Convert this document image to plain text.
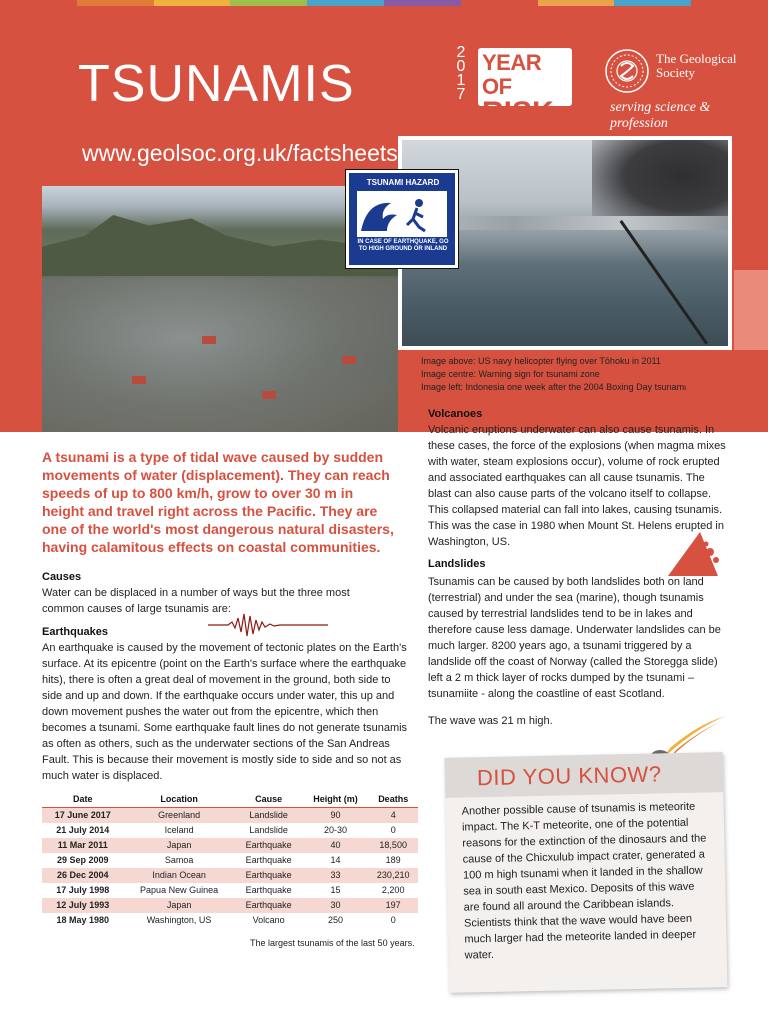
TSUNAMIS
www.geolsoc.org.uk/factsheets
2
0
1
7
YEAR OF
RISK
The Geological Society
serving science & profession
TSUNAMI HAZARD ZONE
IN CASE OF EARTHQUAKE, GO TO HIGH GROUND OR INLAND
Image above: US navy helicopter flying over Tōhoku in 2011
Image centre: Warning sign for tsunami zone
Image left: Indonesia one week after the 2004 Boxing Day tsunami
A tsunami is a type of tidal wave caused by sudden movements of water (displacement). They can reach speeds of up to 800 km/h, grow to over 30 m in height and travel right across the Pacific. They are one of the world's most dangerous natural disasters, having calamitous effects on coastal communities.
Causes
Water can be displaced in a number of ways but the three most common causes of large tsunamis are:
Earthquakes
An earthquake is caused by the movement of tectonic plates on the Earth's surface. At its epicentre (point on the Earth's surface where the earthquake hits), there is often a great deal of movement in the ground, both side to side and up and down. If the earthquake occurs under water, this up and down movement pushes the water out from the epicentre, which then becomes a tsunami. Some earthquake fault lines do not generate tsunamis as often as others, such as the underwater sections of the San Andreas Fault. This is because their movement is mostly side to side and so not as much water is displaced.
Date	Location	Cause	Height (m)	Deaths
17 June 2017	Greenland	Landslide	90	4
21 July 2014	Iceland	Landslide	20-30	0
11 Mar 2011	Japan	Earthquake	40	18,500
29 Sep 2009	Samoa	Earthquake	14	189
26 Dec 2004	Indian Ocean	Earthquake	33	230,210
17 July 1998	Papua New Guinea	Earthquake	15	2,200
12 July 1993	Japan	Earthquake	30	197
18 May 1980	Washington, US	Volcano	250	0
The largest tsunamis of the last 50 years.
Volcanoes
Volcanic eruptions underwater can also cause tsunamis. In these cases, the force of the explosions (when magma mixes with water, steam explosions occur), volume of rock erupted and associated earthquakes can all cause tsunamis. The blast can also cause parts of the volcano itself to collapse. This collapsed material can fall into lakes, causing tsunamis. This was the case in 1980 when Mount St. Helens erupted in Washington, US.
Landslides
Tsunamis can be caused by both landslides both on land (terrestrial) and under the sea (marine), though tsunamis caused by terrestrial landslides tend to be in lakes and therefore cause less damage. Underwater landslides can be much larger. 8200 years ago, a tsunami triggered by a landslide off the coast of Norway (called the Storegga slide) left a 2 m thick layer of rocks dumped by the tsunami – tsunamiite - along the coastline of east Scotland.
The wave was 21 m high.
DID YOU KNOW?
Another possible cause of tsunamis is meteorite impact. The K-T meteorite, one of the potential reasons for the extinction of the dinosaurs and the cause of the Chicxulub impact crater, generated a 100 m high tsunami when it landed in the shallow sea in south east Mexico. Deposits of this wave are found all around the Caribbean islands. Scientists think that the wave would have been much larger had the meteorite landed in deeper water.
